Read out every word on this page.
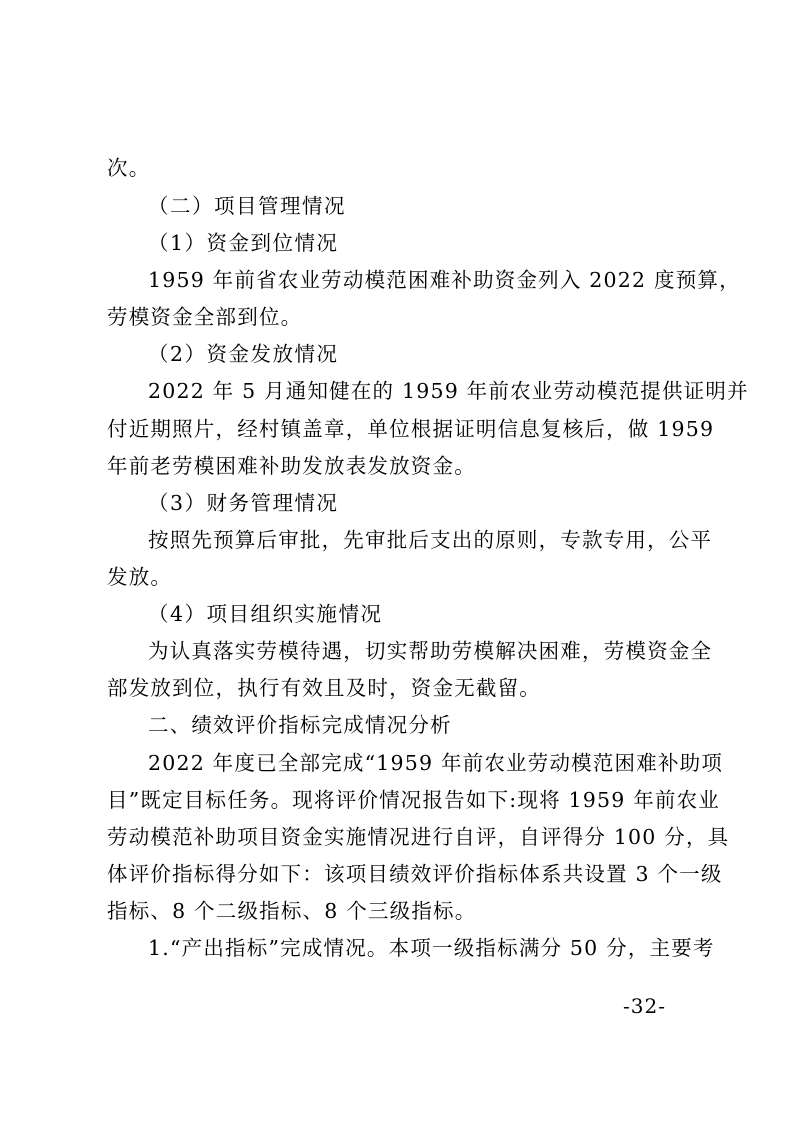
次。
（二）项目管理情况
（1）资金到位情况
1959 年前省农业劳动模范困难补助资金列入 2022 度预算，
劳模资金全部到位。
（2）资金发放情况
2022 年 5 月通知健在的 1959 年前农业劳动模范提供证明并
付近期照片，经村镇盖章，单位根据证明信息复核后，做 1959
年前老劳模困难补助发放表发放资金。
（3）财务管理情况
按照先预算后审批，先审批后支出的原则，专款专用，公平
发放。
（4）项目组织实施情况
为认真落实劳模待遇，切实帮助劳模解决困难，劳模资金全
部发放到位，执行有效且及时，资金无截留。
二、绩效评价指标完成情况分析
2022 年度已全部完成“1959 年前农业劳动模范困难补助项
目”既定目标任务。现将评价情况报告如下:现将 1959 年前农业
劳动模范补助项目资金实施情况进行自评，自评得分 100 分，具
体评价指标得分如下：该项目绩效评价指标体系共设置 3 个一级
指标、8 个二级指标、8 个三级指标。
1.“产出指标”完成情况。本项一级指标满分 50 分，主要考
-32-
